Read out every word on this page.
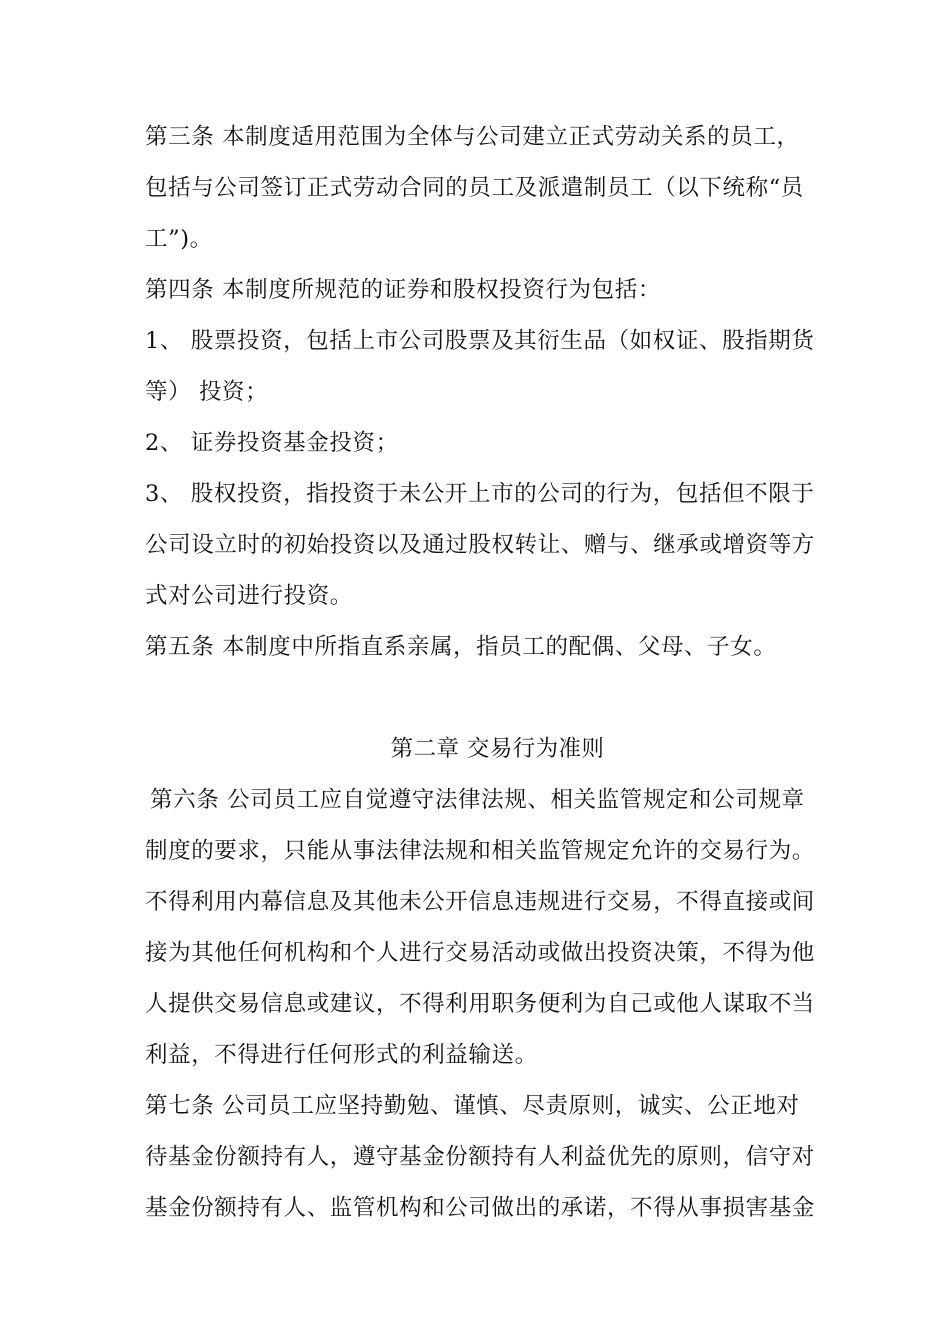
第三条 本制度适用范围为全体与公司建立正式劳动关系的员工，
包括与公司签订正式劳动合同的员工及派遣制员工（以下统称“员
工”)。
第四条 本制度所规范的证券和股权投资行为包括：
1、 股票投资，包括上市公司股票及其衍生品（如权证、股指期货
等） 投资；
2、 证券投资基金投资；
3、 股权投资，指投资于未公开上市的公司的行为，包括但不限于
公司设立时的初始投资以及通过股权转让、赠与、继承或增资等方
式对公司进行投资。
第五条 本制度中所指直系亲属，指员工的配偶、父母、子女。
第二章 交易行为准则
第六条 公司员工应自觉遵守法律法规、相关监管规定和公司规章
制度的要求，只能从事法律法规和相关监管规定允许的交易行为。
不得利用内幕信息及其他未公开信息违规进行交易，不得直接或间
接为其他任何机构和个人进行交易活动或做出投资决策，不得为他
人提供交易信息或建议，不得利用职务便利为自己或他人谋取不当
利益，不得进行任何形式的利益输送。
第七条 公司员工应坚持勤勉、谨慎、尽责原则，诚实、公正地对
待基金份额持有人，遵守基金份额持有人利益优先的原则，信守对
基金份额持有人、监管机构和公司做出的承诺，不得从事损害基金
